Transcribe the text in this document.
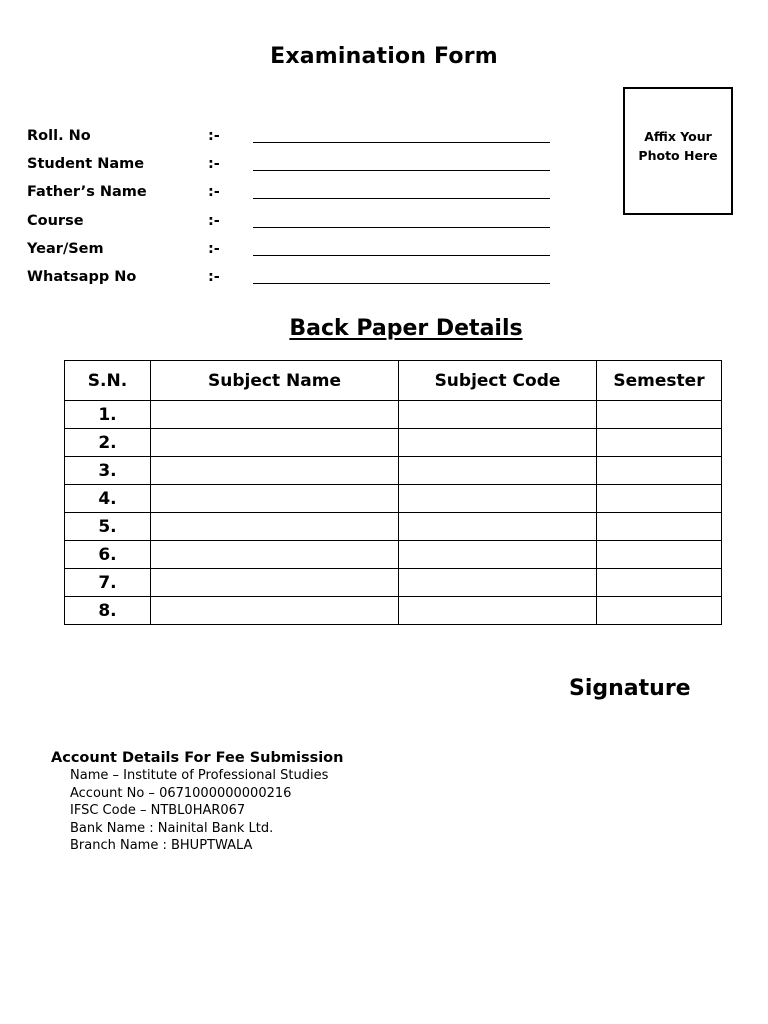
Examination Form
Affix Your Photo Here
Roll. No	:-
Student Name	:-
Father’s Name	:-
Course	:-
Year/Sem	:-
Whatsapp No	:-
Back Paper Details
S.N.	Subject Name	Subject Code	Semester
1.			
2.			
3.			
4.			
5.			
6.			
7.			
8.			
Signature
Account Details For Fee Submission
Name – Institute of Professional Studies
Account No – 0671000000000216
IFSC Code – NTBL0HAR067
Bank Name : Nainital Bank Ltd.
Branch Name : BHUPTWALA
